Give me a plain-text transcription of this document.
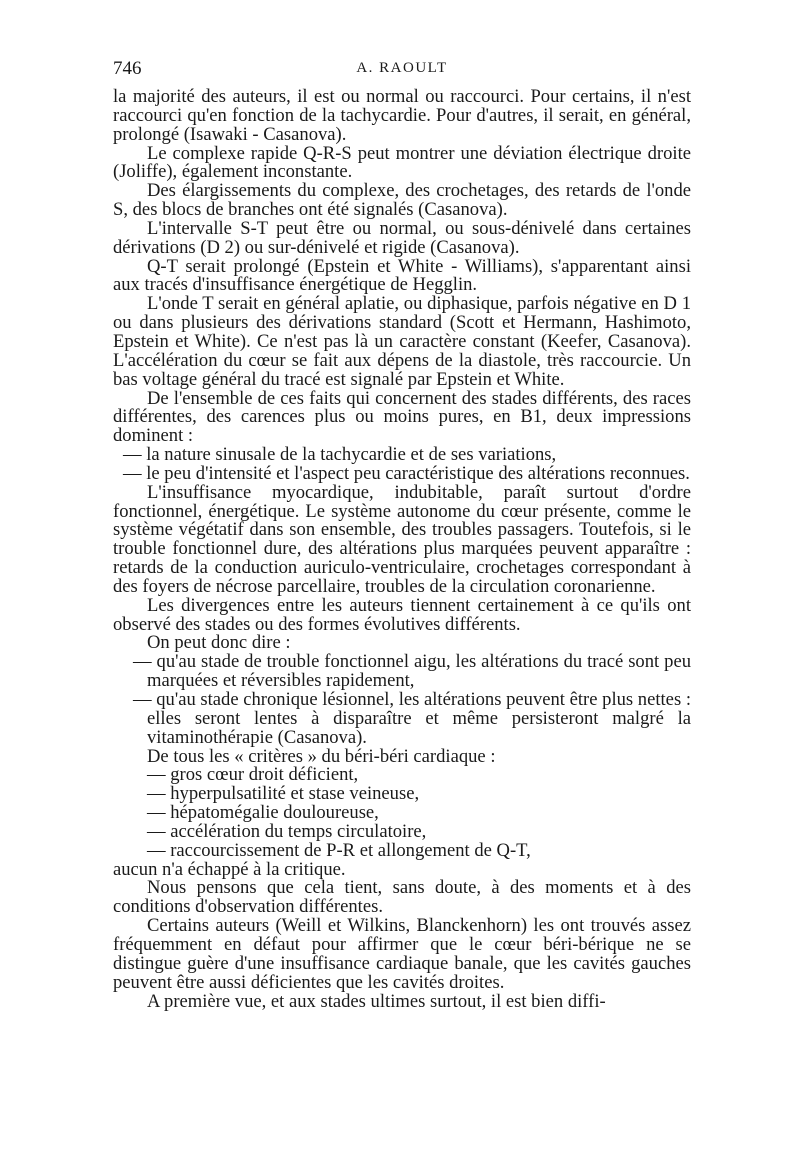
746	A. RAOULT

la majorité des auteurs, il est ou normal ou raccourci. Pour certains, il n'est raccourci qu'en fonction de la tachycardie. Pour d'autres, il serait, en général, prolongé (Isawaki - Casanova).

Le complexe rapide Q-R-S peut montrer une déviation électrique droite (Joliffe), également inconstante.

Des élargissements du complexe, des crochetages, des retards de l'onde S, des blocs de branches ont été signalés (Casanova).

L'intervalle S-T peut être ou normal, ou sous-dénivelé dans certaines dérivations (D 2) ou sur-dénivelé et rigide (Casanova).

Q-T serait prolongé (Epstein et White - Williams), s'apparentant ainsi aux tracés d'insuffisance énergétique de Hegglin.

L'onde T serait en général aplatie, ou diphasique, parfois négative en D 1 ou dans plusieurs des dérivations standard (Scott et Hermann, Hashimoto, Epstein et White). Ce n'est pas là un caractère constant (Keefer, Casanova). L'accélération du cœur se fait aux dépens de la diastole, très raccourcie. Un bas voltage général du tracé est signalé par Epstein et White.

De l'ensemble de ces faits qui concernent des stades différents, des races différentes, des carences plus ou moins pures, en B1, deux impressions dominent :

— la nature sinusale de la tachycardie et de ses variations,

— le peu d'intensité et l'aspect peu caractéristique des altérations reconnues.

L'insuffisance myocardique, indubitable, paraît surtout d'ordre fonctionnel, énergétique. Le système autonome du cœur présente, comme le système végétatif dans son ensemble, des troubles passagers. Toutefois, si le trouble fonctionnel dure, des altérations plus marquées peuvent apparaître : retards de la conduction auriculo-ventriculaire, crochetages correspondant à des foyers de nécrose parcellaire, troubles de la circulation coronarienne.

Les divergences entre les auteurs tiennent certainement à ce qu'ils ont observé des stades ou des formes évolutives différents.

On peut donc dire :

— qu'au stade de trouble fonctionnel aigu, les altérations du tracé sont peu marquées et réversibles rapidement,

— qu'au stade chronique lésionnel, les altérations peuvent être plus nettes : elles seront lentes à disparaître et même persisteront malgré la vitaminothérapie (Casanova).

De tous les « critères » du béri-béri cardiaque :

— gros cœur droit déficient,

— hyperpulsatilité et stase veineuse,

— hépatomégalie douloureuse,

— accélération du temps circulatoire,

— raccourcissement de P-R et allongement de Q-T,

aucun n'a échappé à la critique.

Nous pensons que cela tient, sans doute, à des moments et à des conditions d'observation différentes.

Certains auteurs (Weill et Wilkins, Blanckenhorn) les ont trouvés assez fréquemment en défaut pour affirmer que le cœur béri-bérique ne se distingue guère d'une insuffisance cardiaque banale, que les cavités gauches peuvent être aussi déficientes que les cavités droites.

A première vue, et aux stades ultimes surtout, il est bien diffi-
